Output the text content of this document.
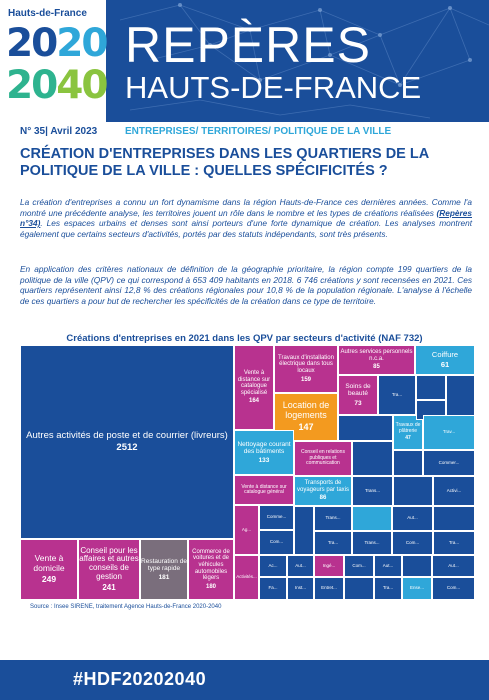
Hauts-de-France
2020
2040
REPÈRES
HAUTS-DE-FRANCE
N° 35| Avril 2023	ENTREPRISES/ TERRITOIRES/ POLITIQUE DE LA VILLE
CRÉATION D'ENTREPRISES DANS LES QUARTIERS DE LA POLITIQUE DE LA VILLE : QUELLES SPÉCIFICITÉS ?
La création d'entreprises a connu un fort dynamisme dans la région Hauts-de-France ces dernières années. Comme l'a montré une précédente analyse, les territoires jouent un rôle dans le nombre et les types de créations réalisées (Repères n°34). Les espaces urbains et denses sont ainsi porteurs d'une forte dynamique de création. Les analyses montrent également que certains secteurs d'activités, portés par des statuts indépendants, sont très présents.
En application des critères nationaux de définition de la géographie prioritaire, la région compte 199 quartiers de la politique de la ville (QPV) ce qui correspond à 653 409 habitants en 2018. 6 746 créations y sont recensées en 2021. Ces quartiers représentent ainsi 12,8 % des créations régionales pour 10,8 % de la population régionale. L'analyse à l'échelle de ces quartiers a pour but de rechercher les spécificités de la création dans ce type de territoire.
Créations d'entreprises en 2021 dans les QPV par secteurs d'activité (NAF 732)
Autres activités de poste et de courrier (livreurs)
2512
Vente à domicile
249
Conseil pour les affaires et autres conseils de gestion
241
Restauration de type rapide
181
Commerce de voitures et de véhicules automobiles légers
180
Vente à distance sur catalogue spécialisé
164
Travaux d'installation électrique dans tous locaux
159
Autres services personnels n.c.a.
85
Coiffure
61
Location de logements
147
Soins de beauté
73
Nettoyage courant des bâtiments
133
Conseil en relations publiques et communication
Travaux de plâtrerie
47
Vente à distance sur catalogue général
Transports de voyageurs par taxis
86
Tra...
Trav...
Commer...
Trans...	Activi...
Ag...
Comme...
Com...
Trans...
Tra...	Trans...
Aut...
Com...	Tra...
Activités...
Ac...
Fa...
Aut...
Inst...
Ingé...
Entret...
Com...	Aut...
Tra...	Ense...
Aut...
Com...
Source : Insee SIRENE, traitement Agence Hauts-de-France 2020-2040
#HDF20202040
